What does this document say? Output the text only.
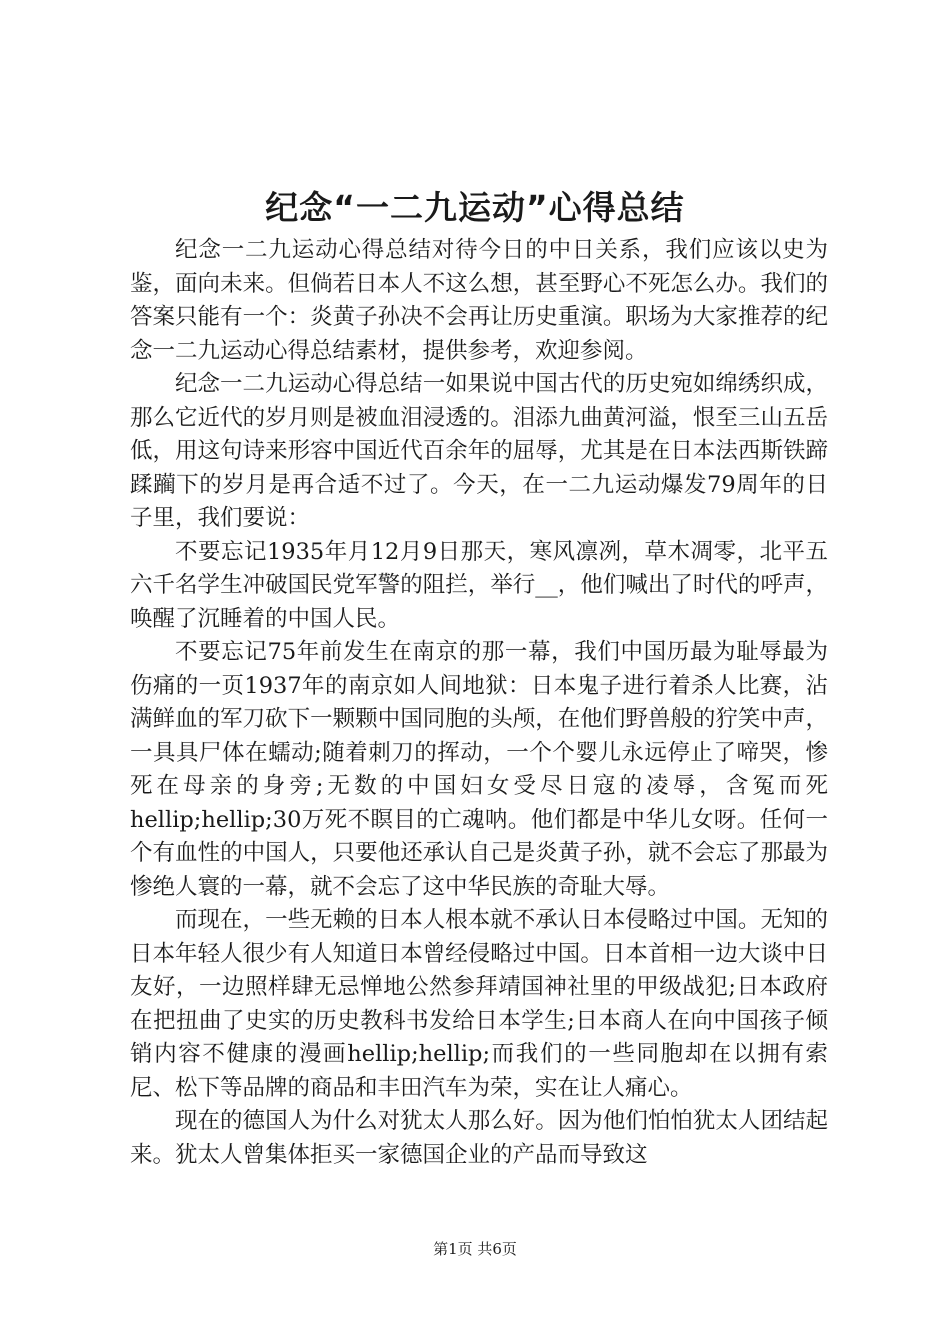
纪念“一二九运动”心得总结

纪念一二九运动心得总结对待今日的中日关系，我们应该以史为鉴，面向未来。但倘若日本人不这么想，甚至野心不死怎么办。我们的答案只能有一个：炎黄子孙决不会再让历史重演。职场为大家推荐的纪念一二九运动心得总结素材，提供参考，欢迎参阅。

纪念一二九运动心得总结一如果说中国古代的历史宛如绵绣织成，那么它近代的岁月则是被血泪浸透的。泪添九曲黄河溢，恨至三山五岳低，用这句诗来形容中国近代百余年的屈辱，尤其是在日本法西斯铁蹄蹂躏下的岁月是再合适不过了。今天，在一二九运动爆发79周年的日子里，我们要说：

不要忘记1935年月12月9日那天，寒风凛冽，草木凋零，北平五六千名学生冲破国民党军警的阻拦，举行__，他们喊出了时代的呼声，唤醒了沉睡着的中国人民。

不要忘记75年前发生在南京的那一幕，我们中国历最为耻辱最为伤痛的一页1937年的南京如人间地狱：日本鬼子进行着杀人比赛，沾满鲜血的军刀砍下一颗颗中国同胞的头颅，在他们野兽般的狞笑中声，一具具尸体在蠕动;随着刺刀的挥动，一个个婴儿永远停止了啼哭，惨死在母亲的身旁;无数的中国妇女受尽日寇的凌辱，含冤而死hellip;hellip;30万死不瞑目的亡魂呐。他们都是中华儿女呀。任何一个有血性的中国人，只要他还承认自己是炎黄子孙，就不会忘了那最为惨绝人寰的一幕，就不会忘了这中华民族的奇耻大辱。

而现在，一些无赖的日本人根本就不承认日本侵略过中国。无知的日本年轻人很少有人知道日本曾经侵略过中国。日本首相一边大谈中日友好，一边照样肆无忌惮地公然参拜靖国神社里的甲级战犯;日本政府在把扭曲了史实的历史教科书发给日本学生;日本商人在向中国孩子倾销内容不健康的漫画hellip;hellip;而我们的一些同胞却在以拥有索尼、松下等品牌的商品和丰田汽车为荣，实在让人痛心。

现在的德国人为什么对犹太人那么好。因为他们怕怕犹太人团结起来。犹太人曾集体拒买一家德国企业的产品而导致这

第1页 共6页
